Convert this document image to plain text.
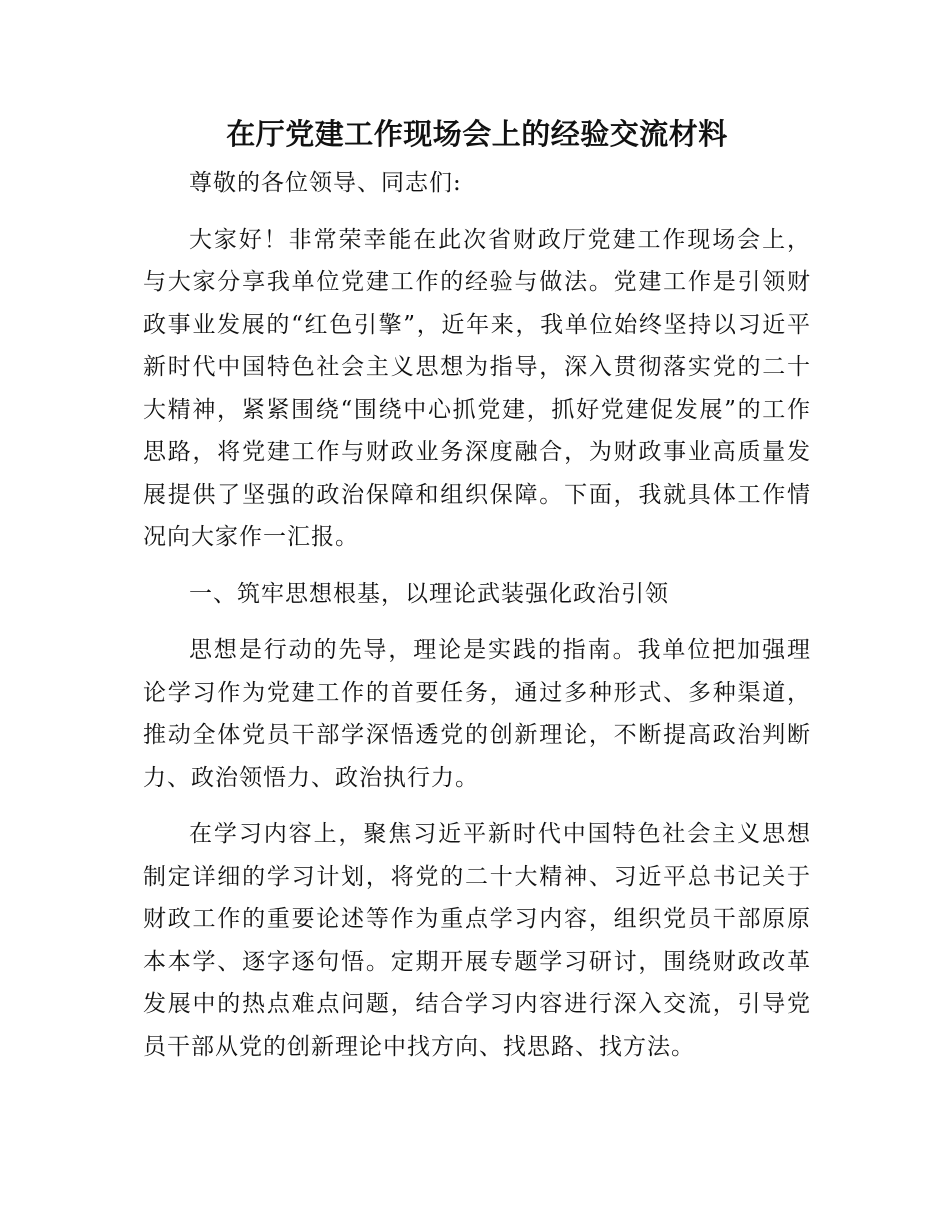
在厅党建工作现场会上的经验交流材料

尊敬的各位领导、同志们:

大家好！非常荣幸能在此次省财政厅党建工作现场会上，与大家分享我单位党建工作的经验与做法。党建工作是引领财政事业发展的“红色引擎”，近年来，我单位始终坚持以习近平新时代中国特色社会主义思想为指导，深入贯彻落实党的二十大精神，紧紧围绕“围绕中心抓党建，抓好党建促发展”的工作思路，将党建工作与财政业务深度融合，为财政事业高质量发展提供了坚强的政治保障和组织保障。下面，我就具体工作情况向大家作一汇报。

一、筑牢思想根基，以理论武装强化政治引领

思想是行动的先导，理论是实践的指南。我单位把加强理论学习作为党建工作的首要任务，通过多种形式、多种渠道，推动全体党员干部学深悟透党的创新理论，不断提高政治判断力、政治领悟力、政治执行力。

在学习内容上，聚焦习近平新时代中国特色社会主义思想制定详细的学习计划，将党的二十大精神、习近平总书记关于财政工作的重要论述等作为重点学习内容，组织党员干部原原本本学、逐字逐句悟。定期开展专题学习研讨，围绕财政改革发展中的热点难点问题，结合学习内容进行深入交流，引导党员干部从党的创新理论中找方向、找思路、找方法。
